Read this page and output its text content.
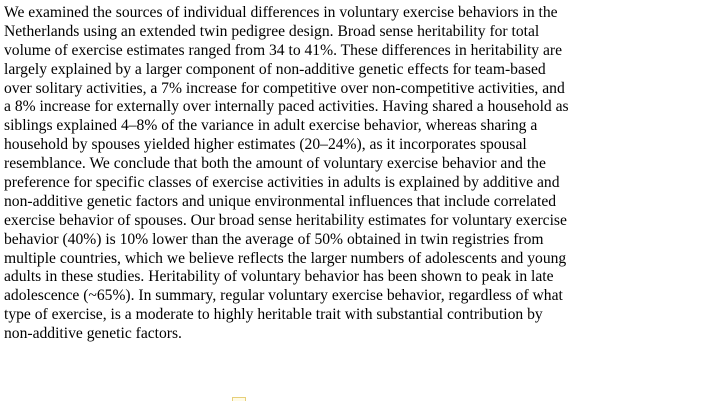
We examined the sources of individual differences in voluntary exercise behaviors in the
Netherlands using an extended twin pedigree design. Broad sense heritability for total
volume of exercise estimates ranged from 34 to 41%. These differences in heritability are
largely explained by a larger component of non-additive genetic effects for team-based
over solitary activities, a 7% increase for competitive over non-competitive activities, and
a 8% increase for externally over internally paced activities. Having shared a household as
siblings explained 4–8% of the variance in adult exercise behavior, whereas sharing a
household by spouses yielded higher estimates (20–24%), as it incorporates spousal
resemblance. We conclude that both the amount of voluntary exercise behavior and the
preference for specific classes of exercise activities in adults is explained by additive and
non-additive genetic factors and unique environmental influences that include correlated
exercise behavior of spouses. Our broad sense heritability estimates for voluntary exercise
behavior (40%) is 10% lower than the average of 50% obtained in twin registries from
multiple countries, which we believe reflects the larger numbers of adolescents and young
adults in these studies. Heritability of voluntary behavior has been shown to peak in late
adolescence (~65%). In summary, regular voluntary exercise behavior, regardless of what
type of exercise, is a moderate to highly heritable trait with substantial contribution by
non-additive genetic factors.
